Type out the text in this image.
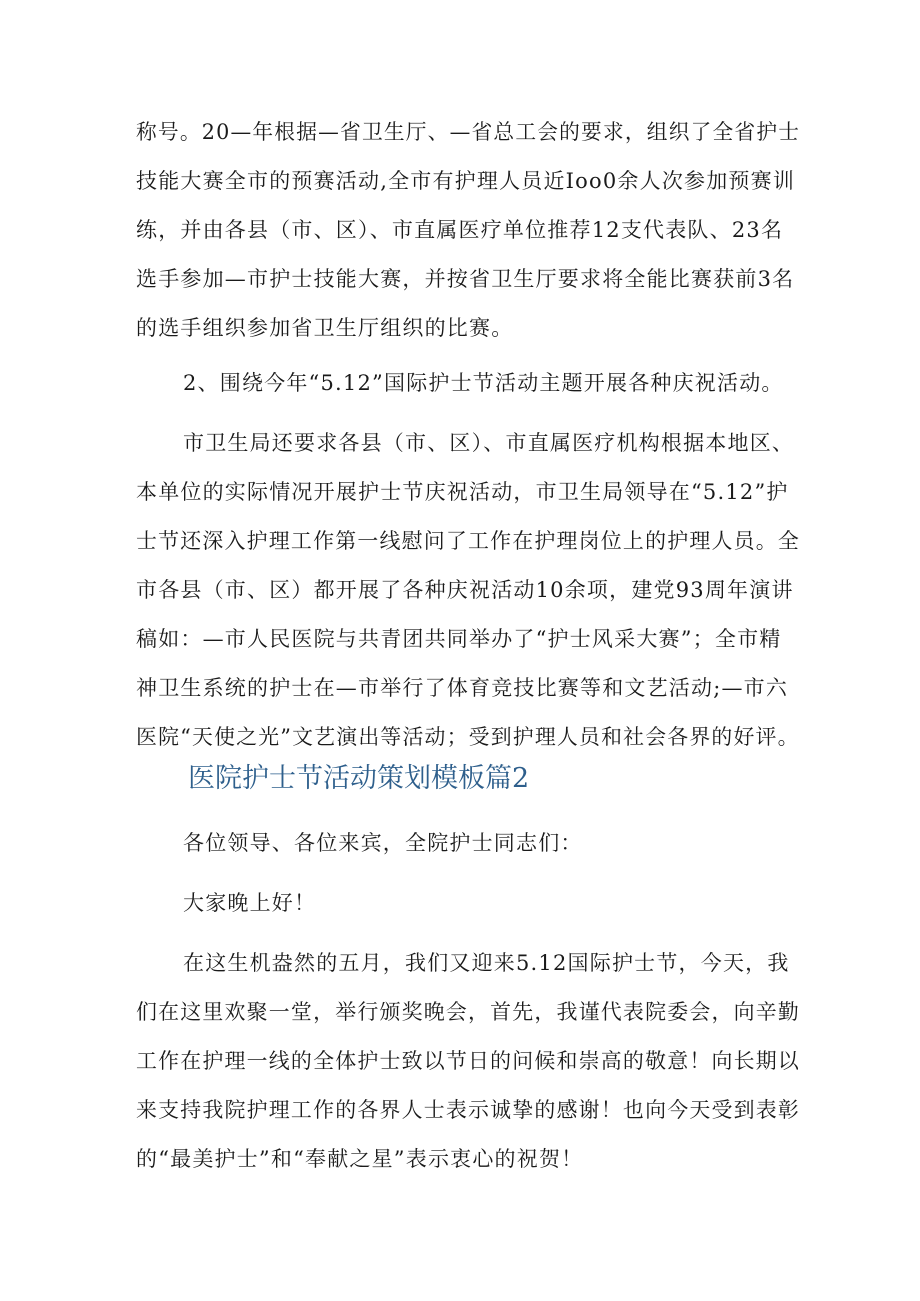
称号。20—年根据—省卫生厅、—省总工会的要求，组织了全省护士
技能大赛全市的预赛活动,全市有护理人员近Ioo0余人次参加预赛训
练，并由各县（市、区）、市直属医疗单位推荐12支代表队、23名
选手参加—市护士技能大赛，并按省卫生厅要求将全能比赛获前3名
的选手组织参加省卫生厅组织的比赛。
2、围绕今年“5.12”国际护士节活动主题开展各种庆祝活动。
市卫生局还要求各县（市、区）、市直属医疗机构根据本地区、
本单位的实际情况开展护士节庆祝活动，市卫生局领导在“5.12”护
士节还深入护理工作第一线慰问了工作在护理岗位上的护理人员。全
市各县（市、区）都开展了各种庆祝活动10余项，建党93周年演讲
稿如：—市人民医院与共青团共同举办了“护士风采大赛”；全市精
神卫生系统的护士在—市举行了体育竞技比赛等和文艺活动;—市六
医院“天使之光”文艺演出等活动；受到护理人员和社会各界的好评。
医院护士节活动策划模板篇2
各位领导、各位来宾，全院护士同志们：
大家晚上好！
在这生机盎然的五月，我们又迎来5.12国际护士节，今天，我
们在这里欢聚一堂，举行颁奖晚会，首先，我谨代表院委会，向辛勤
工作在护理一线的全体护士致以节日的问候和崇高的敬意！向长期以
来支持我院护理工作的各界人士表示诚挚的感谢！也向今天受到表彰
的“最美护士”和“奉献之星”表示衷心的祝贺！
